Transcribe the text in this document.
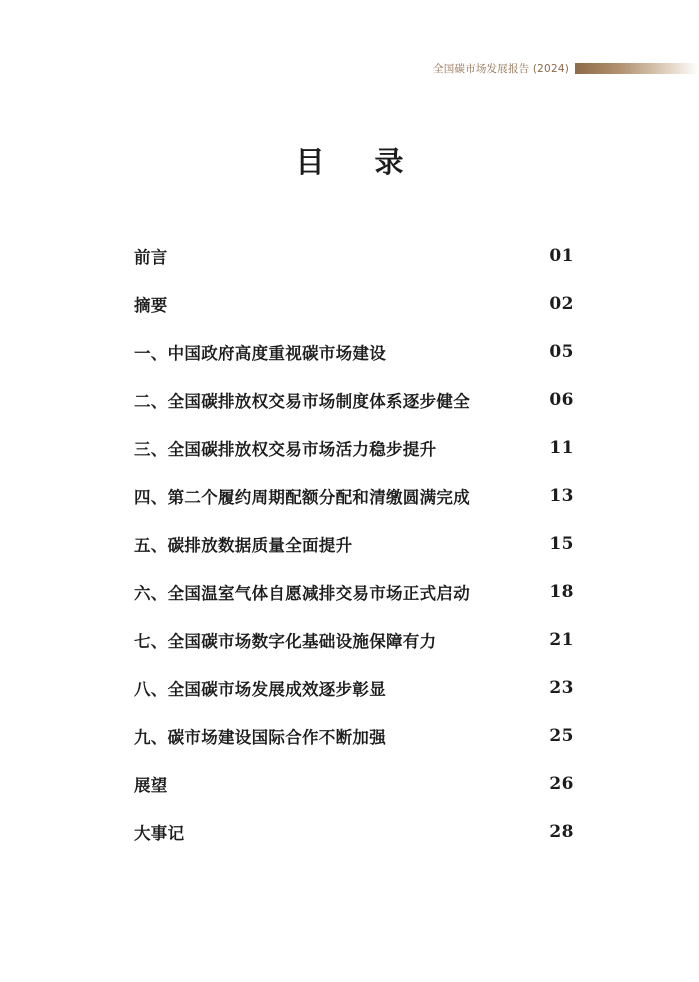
全国碳市场发展报告 (2024)
目 录
前言	01
摘要	02
一、中国政府高度重视碳市场建设	05
二、全国碳排放权交易市场制度体系逐步健全	06
三、全国碳排放权交易市场活力稳步提升	11
四、第二个履约周期配额分配和清缴圆满完成	13
五、碳排放数据质量全面提升	15
六、全国温室气体自愿减排交易市场正式启动	18
七、全国碳市场数字化基础设施保障有力	21
八、全国碳市场发展成效逐步彰显	23
九、碳市场建设国际合作不断加强	25
展望	26
大事记	28
